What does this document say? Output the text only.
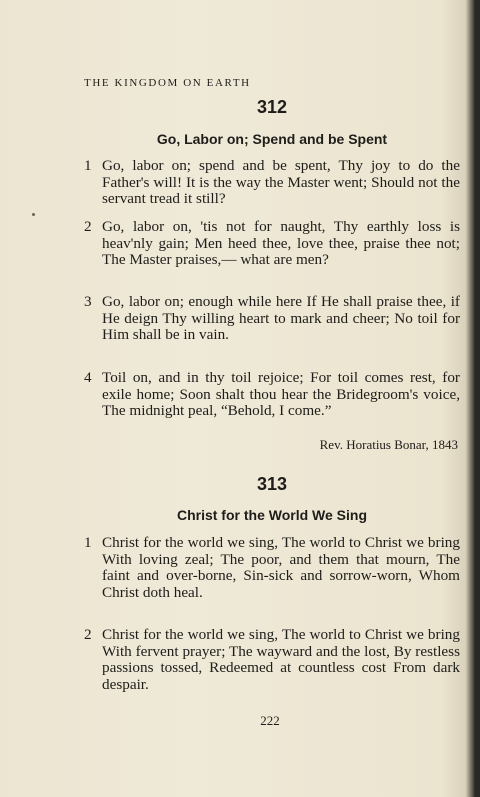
THE KINGDOM ON EARTH
312
Go, Labor on; Spend and be Spent
1 Go, labor on; spend and be spent, Thy joy to do the Father's will! It is the way the Master went; Should not the servant tread it still?
2 Go, labor on, 'tis not for naught, Thy earthly loss is heav'nly gain; Men heed thee, love thee, praise thee not; The Master praises,— what are men?
3 Go, labor on; enough while here If He shall praise thee, if He deign Thy willing heart to mark and cheer; No toil for Him shall be in vain.
4 Toil on, and in thy toil rejoice; For toil comes rest, for exile home; Soon shalt thou hear the Bridegroom's voice, The midnight peal, “Behold, I come.”
Rev. Horatius Bonar, 1843
313
Christ for the World We Sing
1 Christ for the world we sing, The world to Christ we bring With loving zeal; The poor, and them that mourn, The faint and over-borne, Sin-sick and sorrow-worn, Whom Christ doth heal.
2 Christ for the world we sing, The world to Christ we bring With fervent prayer; The wayward and the lost, By restless passions tossed, Redeemed at countless cost From dark despair.
222
